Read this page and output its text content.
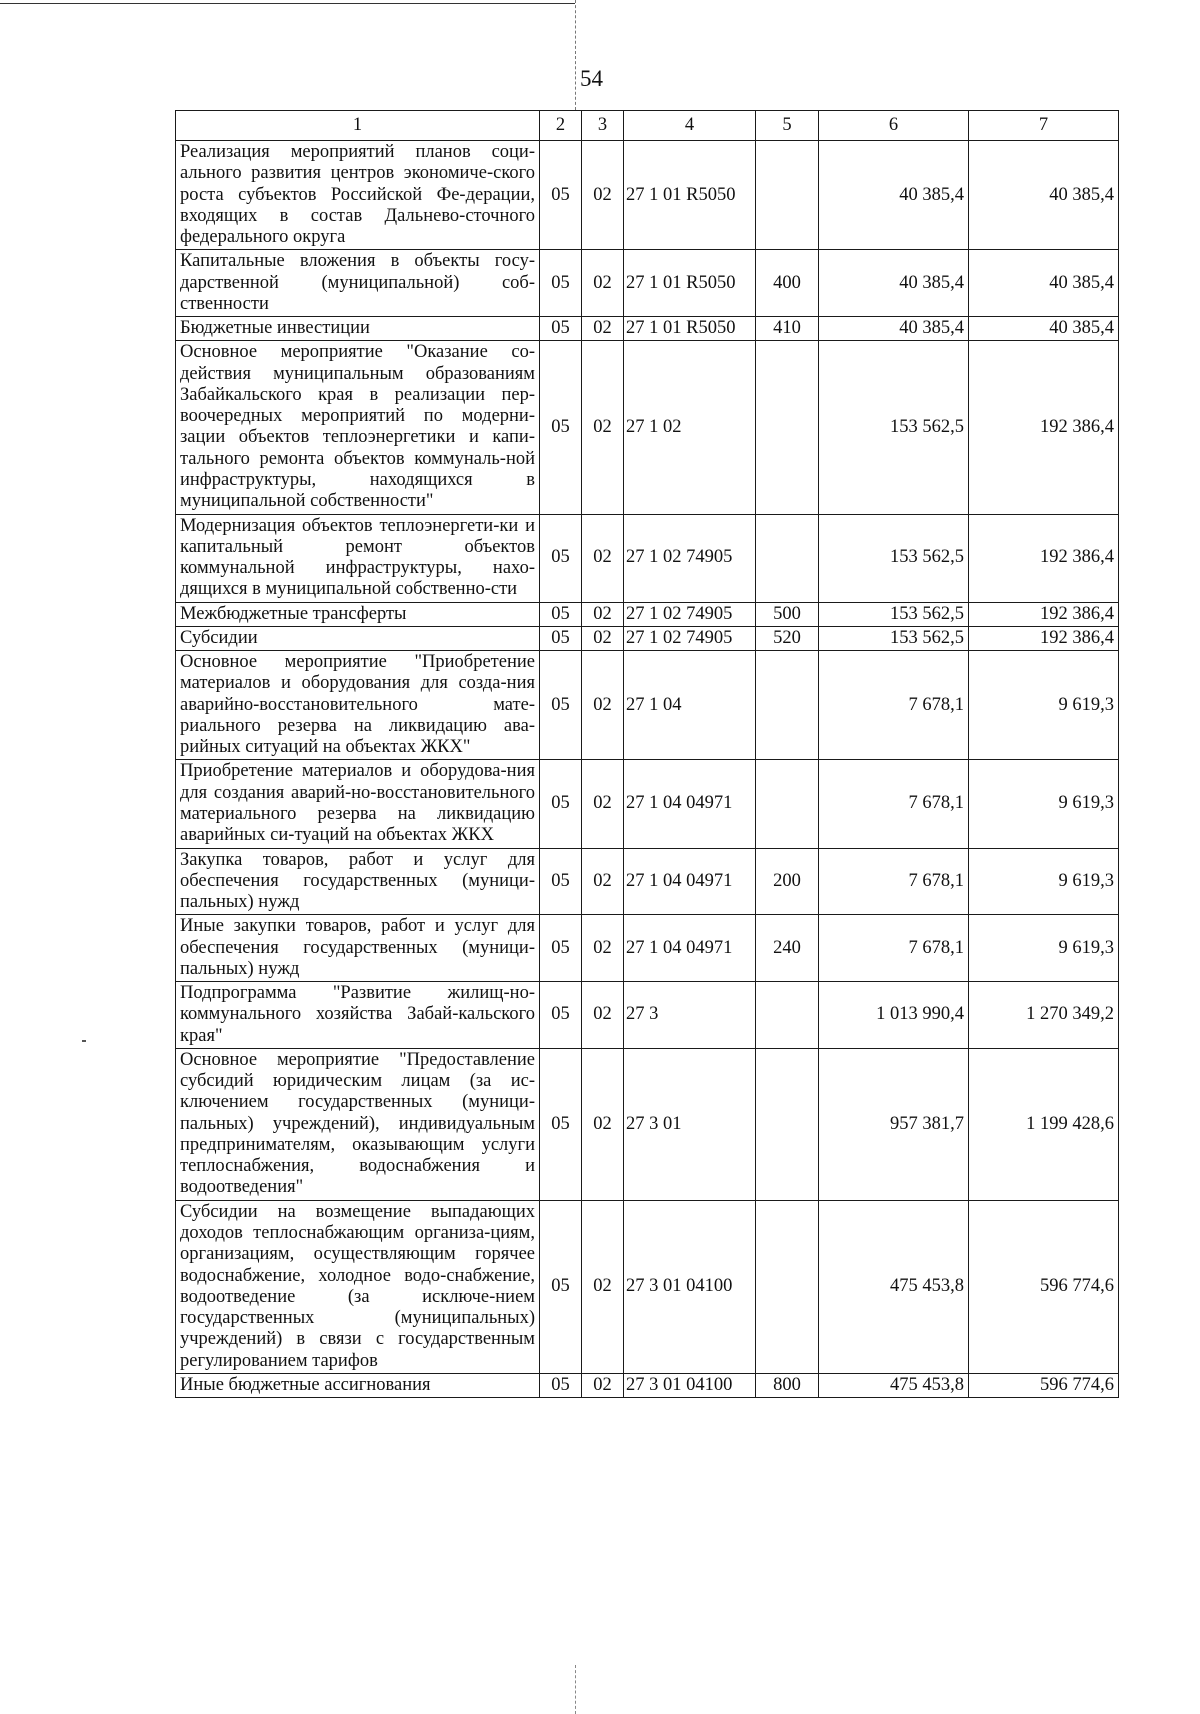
54
1	2	3	4	5	6	7
Реализация мероприятий планов соци-ального развития центров экономиче-ского роста субъектов Российской Фе-дерации, входящих в состав Дальнево-сточного федерального округа	05	02	27 1 01 R5050		40 385,4	40 385,4
Капитальные вложения в объекты госу-дарственной (муниципальной) соб-ственности	05	02	27 1 01 R5050	400	40 385,4	40 385,4
Бюджетные инвестиции	05	02	27 1 01 R5050	410	40 385,4	40 385,4
Основное мероприятие "Оказание со-действия муниципальным образованиям Забайкальского края в реализации пер-воочередных мероприятий по модерни-зации объектов теплоэнергетики и капи-тального ремонта объектов коммуналь-ной инфраструктуры, находящихся в муниципальной собственности"	05	02	27 1 02		153 562,5	192 386,4
Модернизация объектов теплоэнергети-ки и капитальный ремонт объектов коммунальной инфраструктуры, нахо-дящихся в муниципальной собственно-сти	05	02	27 1 02 74905		153 562,5	192 386,4
Межбюджетные трансферты	05	02	27 1 02 74905	500	153 562,5	192 386,4
Субсидии	05	02	27 1 02 74905	520	153 562,5	192 386,4
Основное мероприятие "Приобретение материалов и оборудования для созда-ния аварийно-восстановительного мате-риального резерва на ликвидацию ава-рийных ситуаций на объектах ЖКХ"	05	02	27 1 04		7 678,1	9 619,3
Приобретение материалов и оборудова-ния для создания аварий-но-восстановительного материального резерва на ликвидацию аварийных си-туаций на объектах ЖКХ	05	02	27 1 04 04971		7 678,1	9 619,3
Закупка товаров, работ и услуг для обеспечения государственных (муници-пальных) нужд	05	02	27 1 04 04971	200	7 678,1	9 619,3
Иные закупки товаров, работ и услуг для обеспечения государственных (муници-пальных) нужд	05	02	27 1 04 04971	240	7 678,1	9 619,3
Подпрограмма "Развитие жилищ-но-коммунального хозяйства Забай-кальского края"	05	02	27 3		1 013 990,4	1 270 349,2
Основное мероприятие "Предоставление субсидий юридическим лицам (за ис-ключением государственных (муници-пальных) учреждений), индивидуальным предпринимателям, оказывающим услуги теплоснабжения, водоснабжения и водоотведения"	05	02	27 3 01		957 381,7	1 199 428,6
Субсидии на возмещение выпадающих доходов теплоснабжающим организа-циям, организациям, осуществляющим горячее водоснабжение, холодное водо-снабжение, водоотведение (за исключе-нием государственных (муниципальных) учреждений) в связи с государственным регулированием тарифов	05	02	27 3 01 04100		475 453,8	596 774,6
Иные бюджетные ассигнования	05	02	27 3 01 04100	800	475 453,8	596 774,6
